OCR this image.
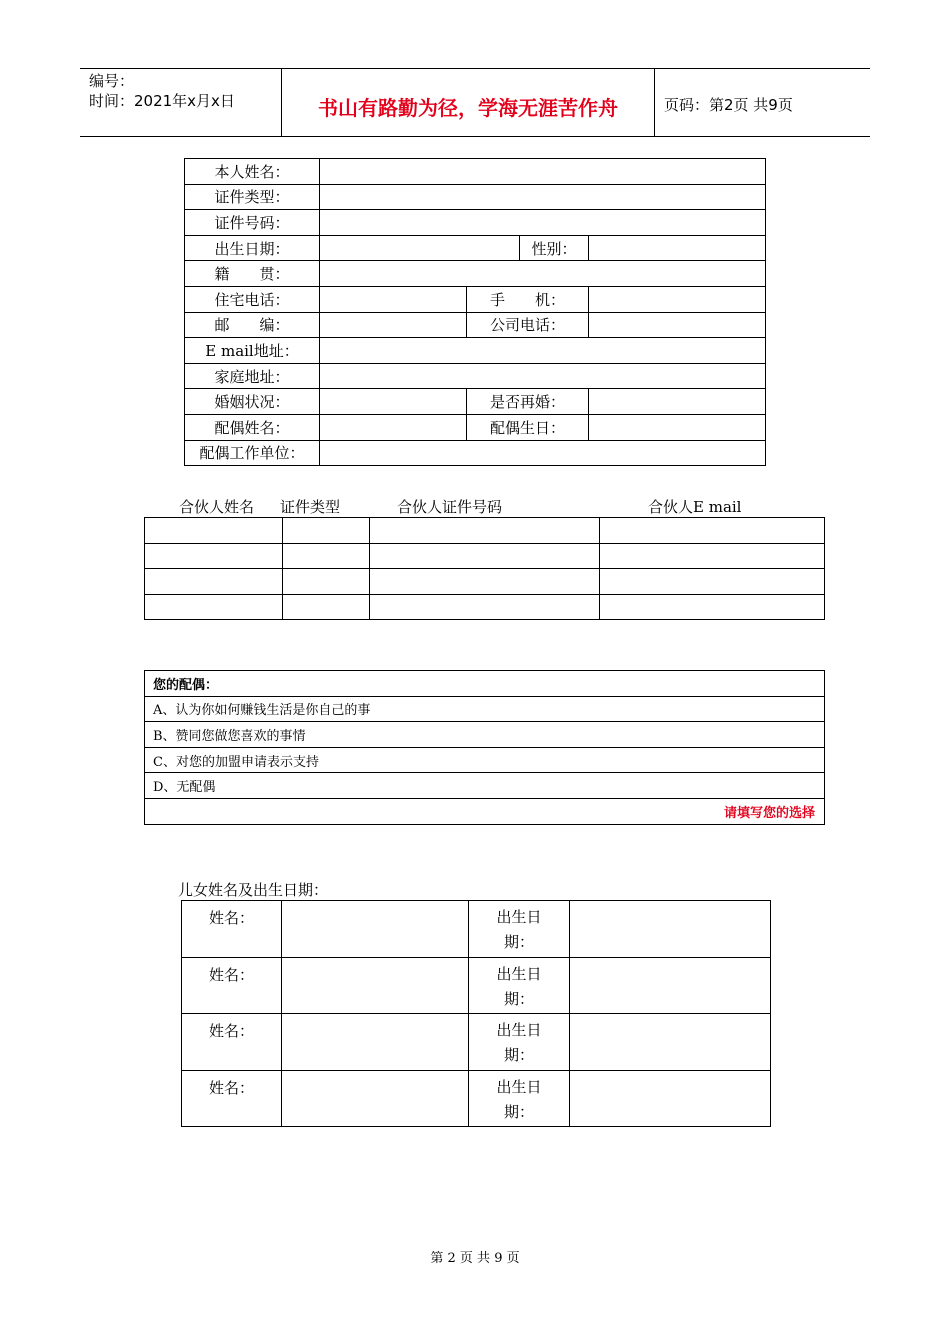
编号：
时间：2021年x月x日	书山有路勤为径，学海无涯苦作舟	页码：第2页 共9页
本人姓名：			
证件类型：			
证件号码：			
出生日期：		性别：	
籍　　贯：			
住宅电话：		手　　机：	
邮　　编：		公司电话：	
E mail地址：			
家庭地址：			
婚姻状况：		是否再婚：	
配偶姓名：		配偶生日：	
配偶工作单位：			
合伙人姓名 证件类型	合伙人证件号码	合伙人E mail

您的配偶：
A、认为你如何赚钱生活是你自己的事
B、赞同您做您喜欢的事情
C、对您的加盟申请表示支持
D、无配偶
请填写您的选择
儿女姓名及出生日期：
姓名：		出生日
期：	

姓名：		出生日
期：	

姓名：		出生日
期：	

姓名：		出生日
期：	

第 2 页 共 9 页
